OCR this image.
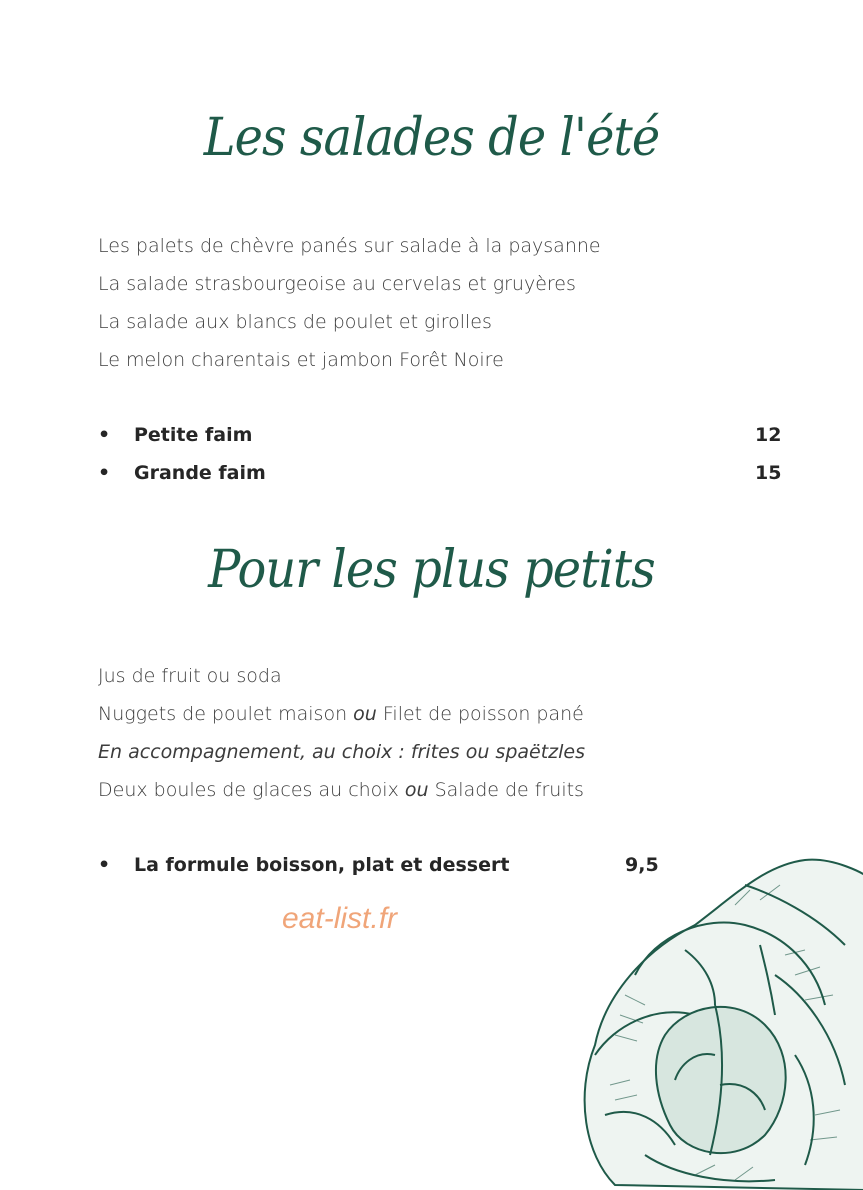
Les salades de l'été

Les palets de chèvre panés sur salade à la paysanne

La salade strasbourgeoise au cervelas et gruyères

La salade aux blancs de poulet et girolles

Le melon charentais et jambon Forêt Noire

• Petite faim	12
• Grande faim	15
Pour les plus petits

Jus de fruit ou soda

Nuggets de poulet maison ou Filet de poisson pané

En accompagnement, au choix : frites ou spaëtzles

Deux boules de glaces au choix ou Salade de fruits

• La formule boisson, plat et dessert	9,5

eat-list.fr
